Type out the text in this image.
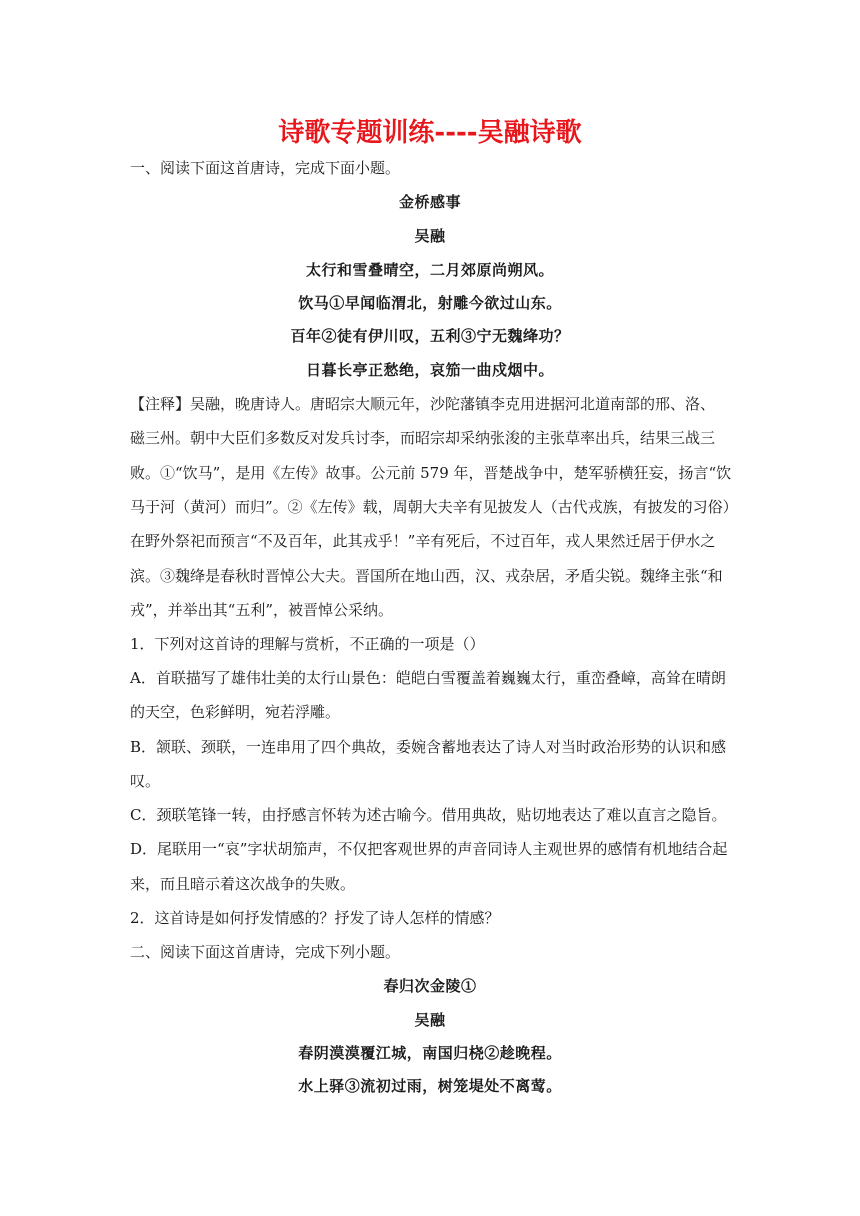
诗歌专题训练----吴融诗歌
一、阅读下面这首唐诗，完成下面小题。
金桥感事
吴融
太行和雪叠晴空，二月郊原尚朔风。
饮马①早闻临渭北，射雕今欲过山东。
百年②徒有伊川叹，五利③宁无魏绛功？
日暮长亭正愁绝，哀笳一曲戍烟中。
【注释】吴融，晚唐诗人。唐昭宗大顺元年，沙陀藩镇李克用进据河北道南部的邢、洛、
磁三州。朝中大臣们多数反对发兵讨李，而昭宗却采纳张浚的主张草率出兵，结果三战三
败。①“饮马”，是用《左传》故事。公元前 579 年，晋楚战争中，楚军骄横狂妄，扬言“饮
马于河（黄河）而归”。②《左传》载，周朝大夫辛有见披发人（古代戎族，有披发的习俗）
在野外祭祀而预言“不及百年，此其戎乎！”辛有死后，不过百年，戎人果然迁居于伊水之
滨。③魏绛是春秋时晋悼公大夫。晋国所在地山西，汉、戎杂居，矛盾尖锐。魏绛主张“和
戎”，并举出其“五利”，被晋悼公采纳。
1．下列对这首诗的理解与赏析，不正确的一项是（）
A．首联描写了雄伟壮美的太行山景色：皑皑白雪覆盖着巍巍太行，重峦叠嶂，高耸在晴朗
的天空，色彩鲜明，宛若浮雕。
B．颔联、颈联，一连串用了四个典故，委婉含蓄地表达了诗人对当时政治形势的认识和感
叹。
C．颈联笔锋一转，由抒感言怀转为述古喻今。借用典故，贴切地表达了难以直言之隐旨。
D．尾联用一“哀”字状胡笳声，不仅把客观世界的声音同诗人主观世界的感情有机地结合起
来，而且暗示着这次战争的失败。
2．这首诗是如何抒发情感的？抒发了诗人怎样的情感？
二、阅读下面这首唐诗，完成下列小题。
春归次金陵①
吴融
春阴漠漠覆江城，南国归桡②趁晚程。
水上驿③流初过雨，树笼堤处不离莺。
